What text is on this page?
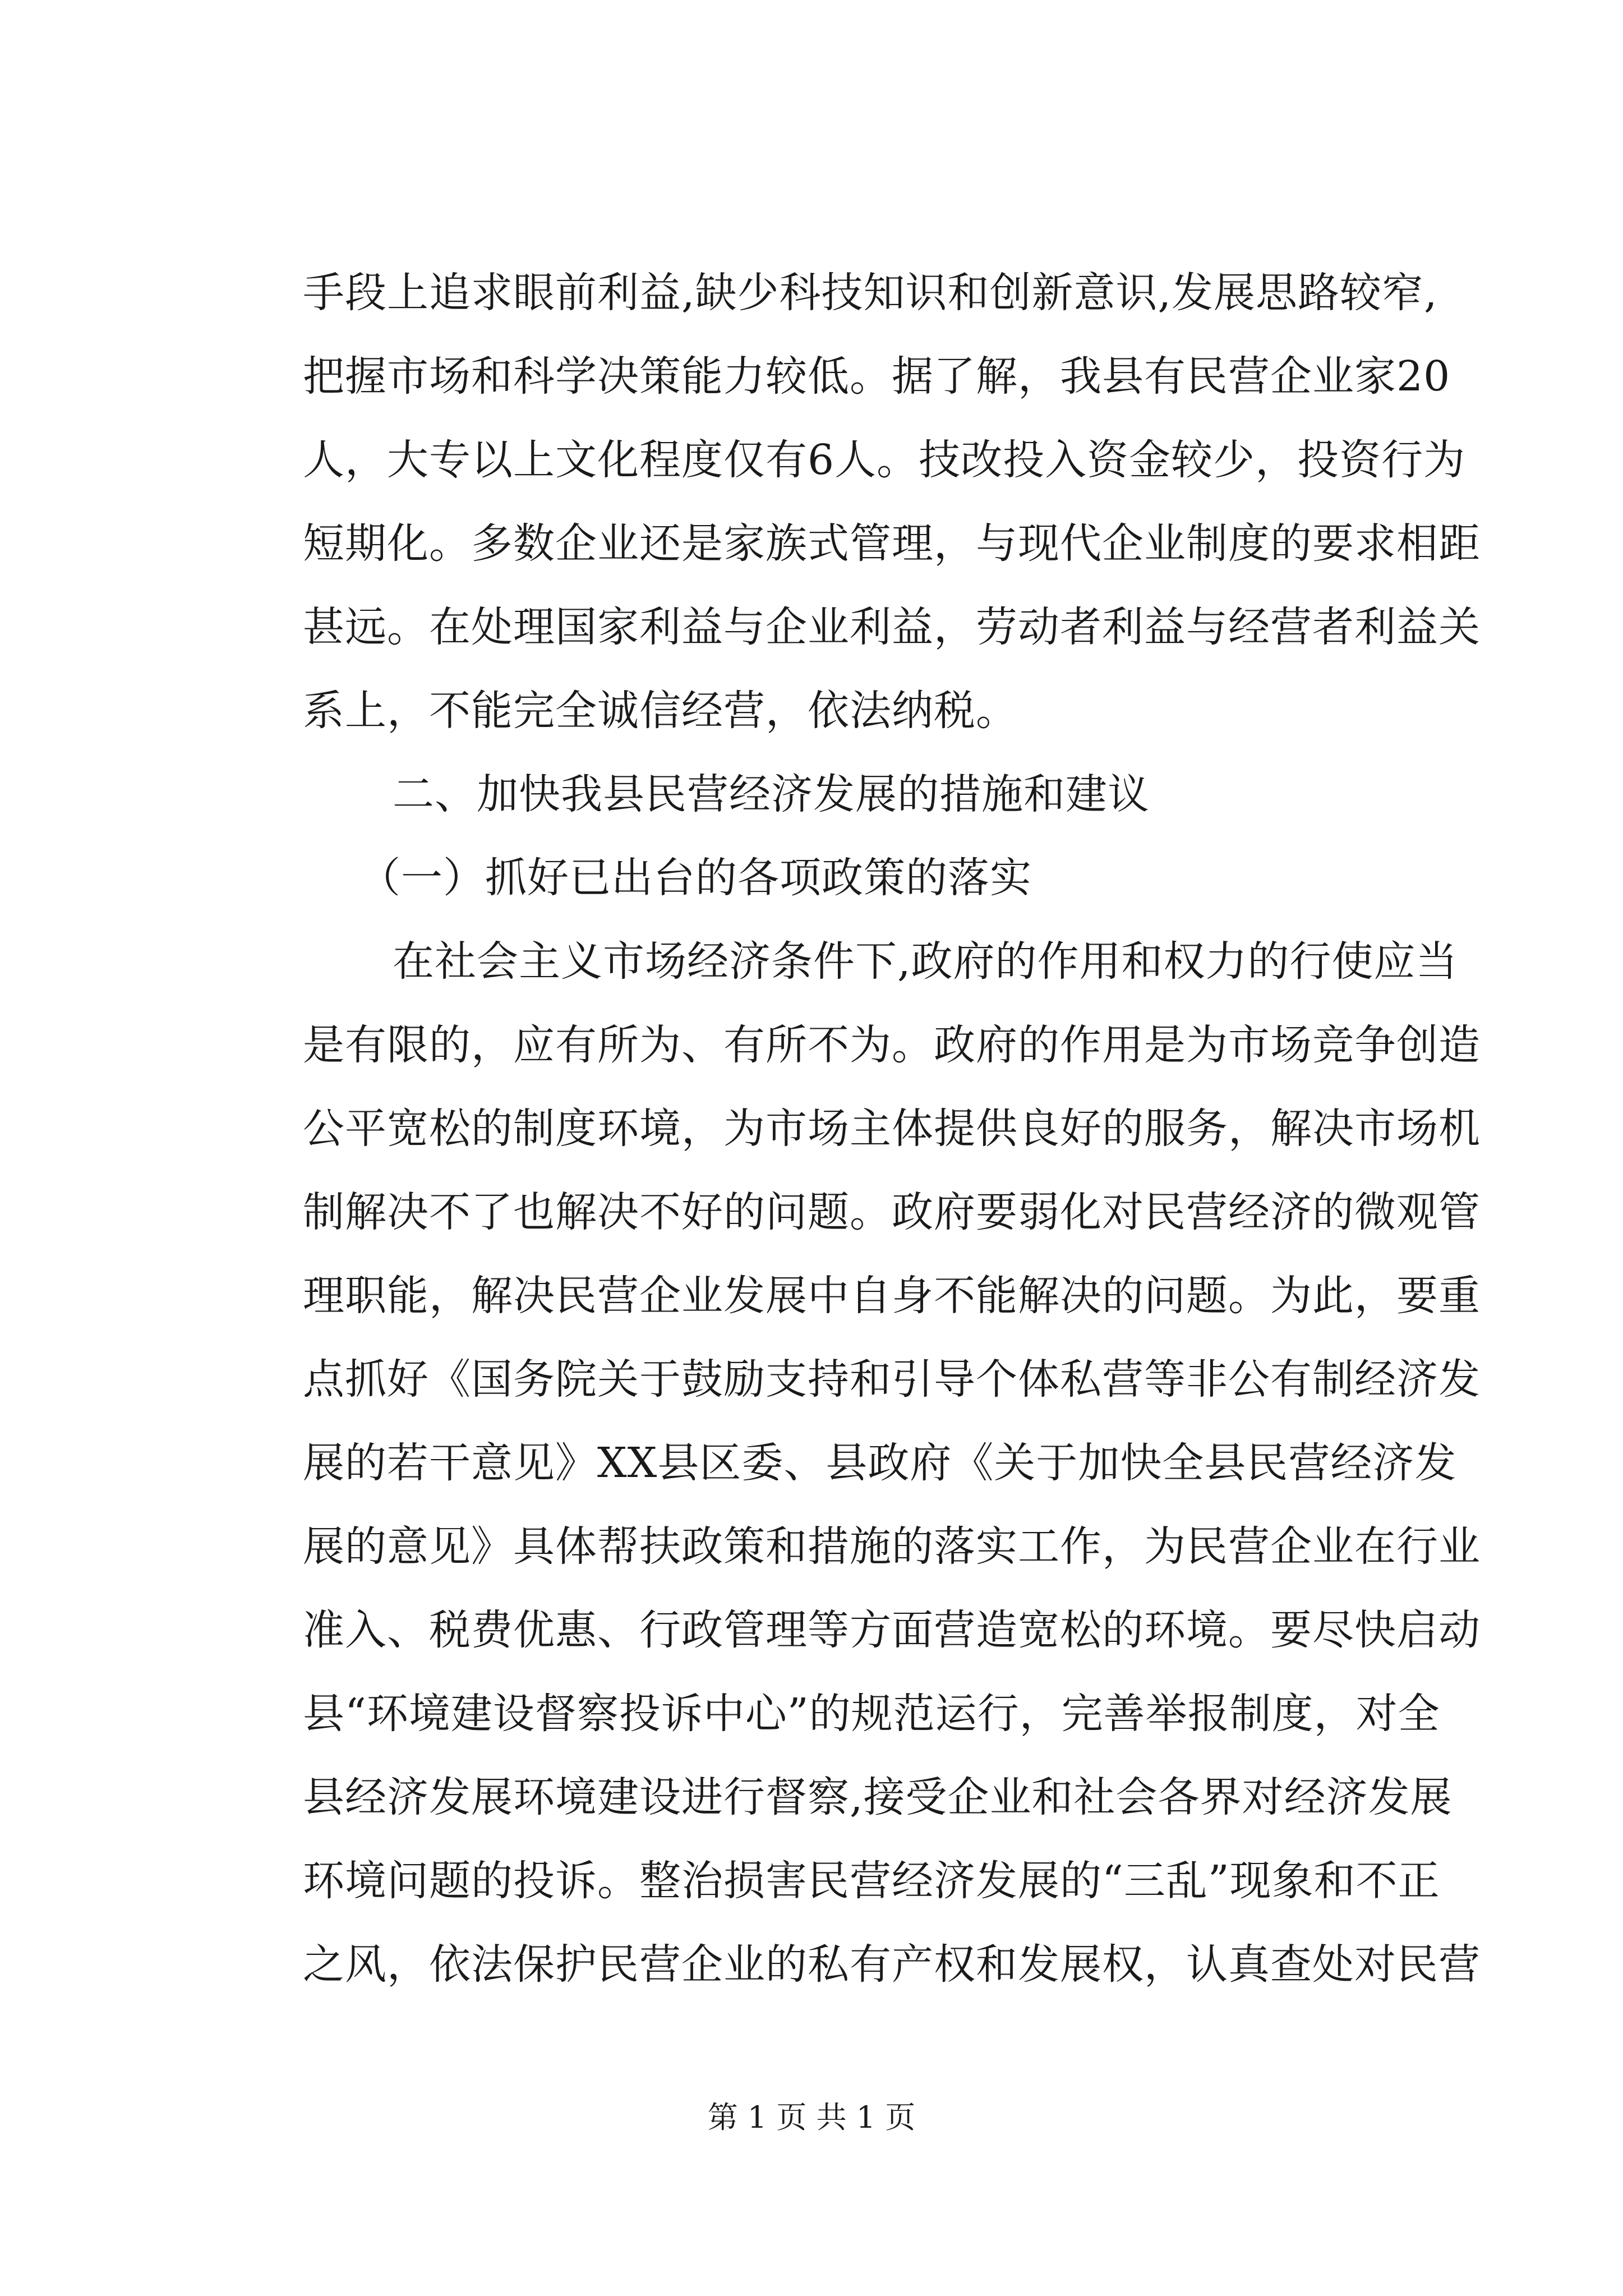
手段上追求眼前利益,缺少科技知识和创新意识,发展思路较窄,
把握市场和科学决策能力较低。据了解，我县有民营企业家20
人，大专以上文化程度仅有6人。技改投入资金较少，投资行为
短期化。多数企业还是家族式管理，与现代企业制度的要求相距
甚远。在处理国家利益与企业利益，劳动者利益与经营者利益关
系上，不能完全诚信经营，依法纳税。
二、加快我县民营经济发展的措施和建议
（一）抓好已出台的各项政策的落实
在社会主义市场经济条件下,政府的作用和权力的行使应当
是有限的，应有所为、有所不为。政府的作用是为市场竞争创造
公平宽松的制度环境，为市场主体提供良好的服务，解决市场机
制解决不了也解决不好的问题。政府要弱化对民营经济的微观管
理职能，解决民营企业发展中自身不能解决的问题。为此，要重
点抓好《国务院关于鼓励支持和引导个体私营等非公有制经济发
展的若干意见》XX县区委、县政府《关于加快全县民营经济发
展的意见》具体帮扶政策和措施的落实工作，为民营企业在行业
准入、税费优惠、行政管理等方面营造宽松的环境。要尽快启动
县“环境建设督察投诉中心”的规范运行，完善举报制度，对全
县经济发展环境建设进行督察,接受企业和社会各界对经济发展
环境问题的投诉。整治损害民营经济发展的“三乱”现象和不正
之风，依法保护民营企业的私有产权和发展权，认真查处对民营
第 1 页 共 1 页
